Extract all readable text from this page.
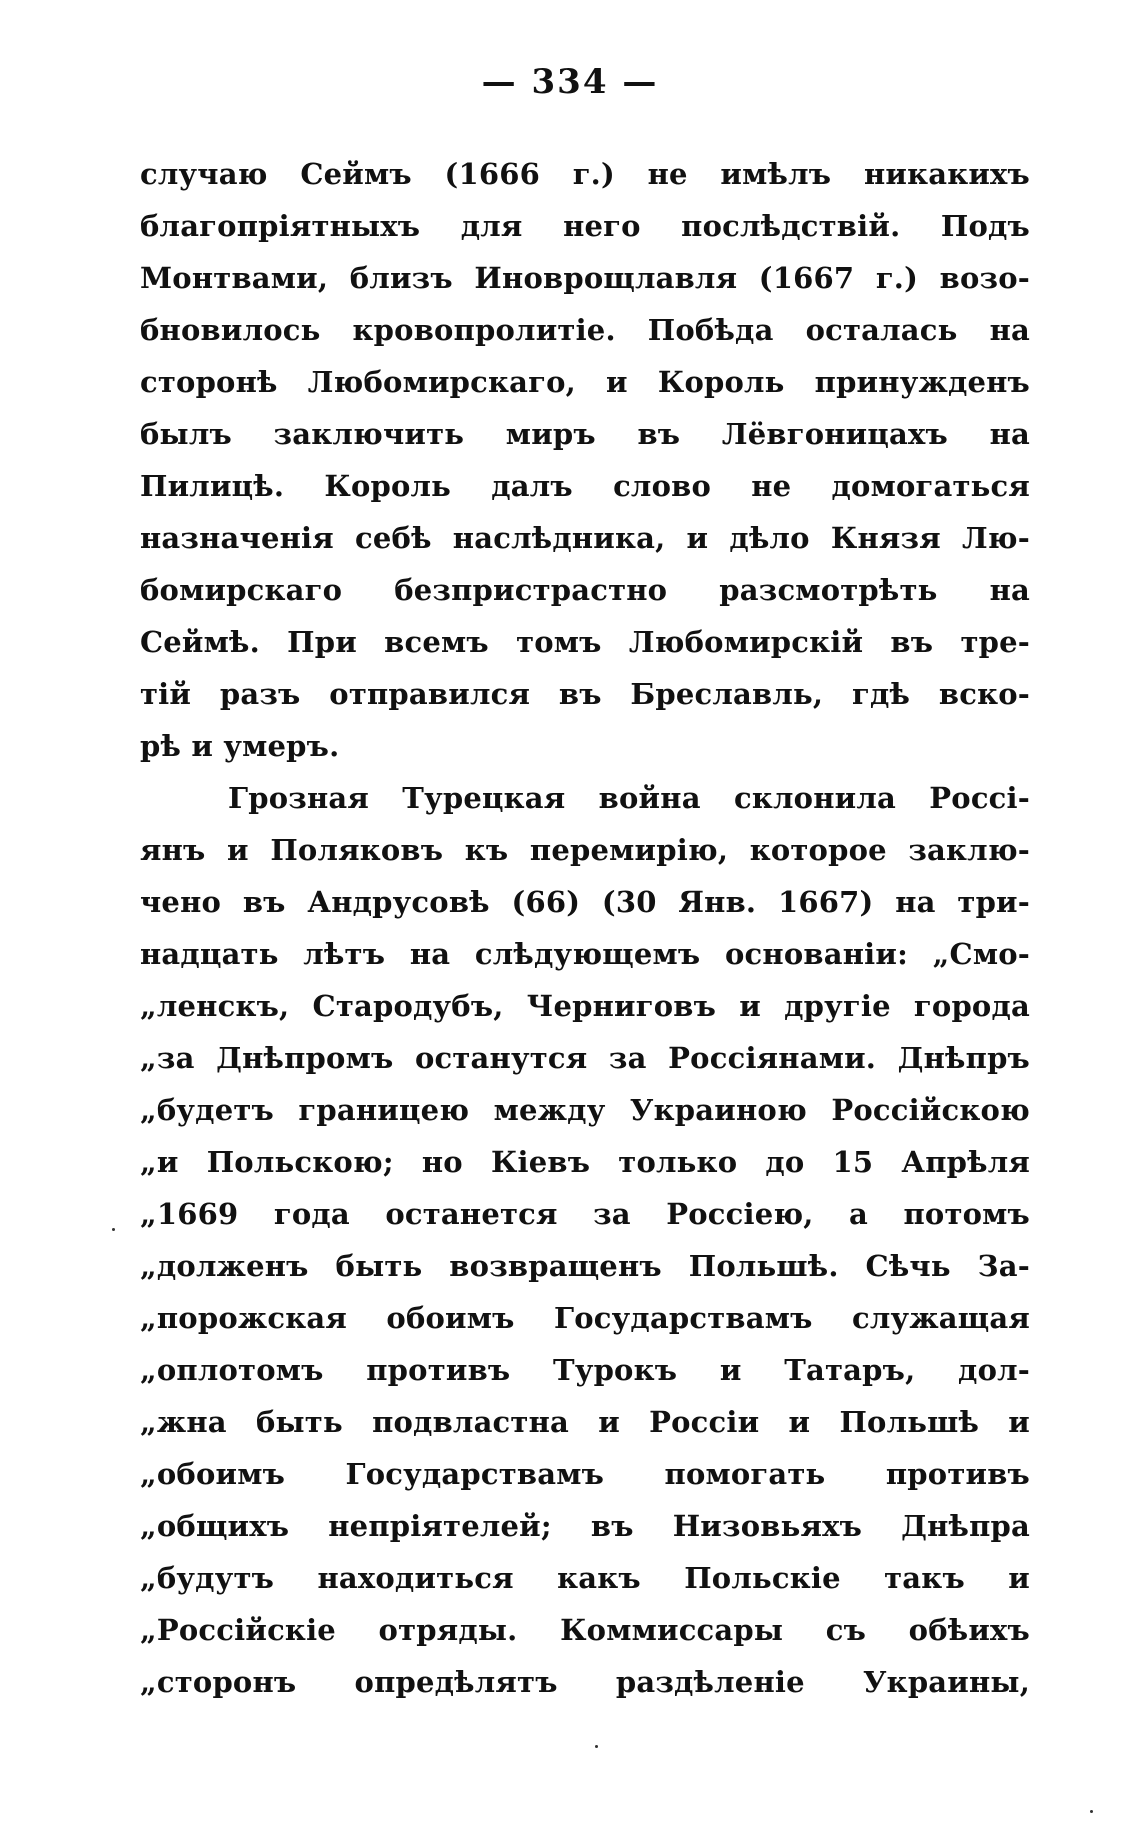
— 334 —
случаю Сеймъ (1666 г.) не имѣлъ никакихъ
благопріятныхъ для него послѣдствій. Подъ
Монтвами, близъ Иноврощлавля (1667 г.) возо-
бновилось кровопролитіе. Побѣда осталась на
сторонѣ Любомирскаго, и Король принужденъ
былъ заключить миръ въ Лёвгоницахъ на
Пилицѣ. Король далъ слово не домогаться
назначенія себѣ наслѣдника, и дѣло Князя Лю-
бомирскаго безпристрастно разсмотрѣть на
Сеймѣ. При всемъ томъ Любомирскій въ тре-
тій разъ отправился въ Бреславль, гдѣ вско-
рѣ и умеръ.
Грозная Турецкая война склонила Россі-
янъ и Поляковъ къ перемирію, которое заклю-
чено въ Андрусовѣ (66) (30 Янв. 1667) на три-
надцать лѣтъ на слѣдующемъ основаніи: „Смо-
„ленскъ, Стародубъ, Черниговъ и другіе города
„за Днѣпромъ останутся за Россіянами. Днѣпръ
„будетъ границею между Украиною Россійскою
„и Польскою; но Кіевъ только до 15 Апрѣля
„1669 года останется за Россіею, а потомъ
„долженъ быть возвращенъ Польшѣ. Сѣчь За-
„порожская обоимъ Государствамъ служащая
„оплотомъ противъ Турокъ и Татаръ, дол-
„жна быть подвластна и Россіи и Польшѣ и
„обоимъ Государствамъ помогать противъ
„общихъ непріятелей; въ Низовьяхъ Днѣпра
„будутъ находиться какъ Польскіе такъ и
„Россійскіе отряды. Коммиссары съ обѣихъ
„сторонъ опредѣлятъ раздѣленіе Украины,
